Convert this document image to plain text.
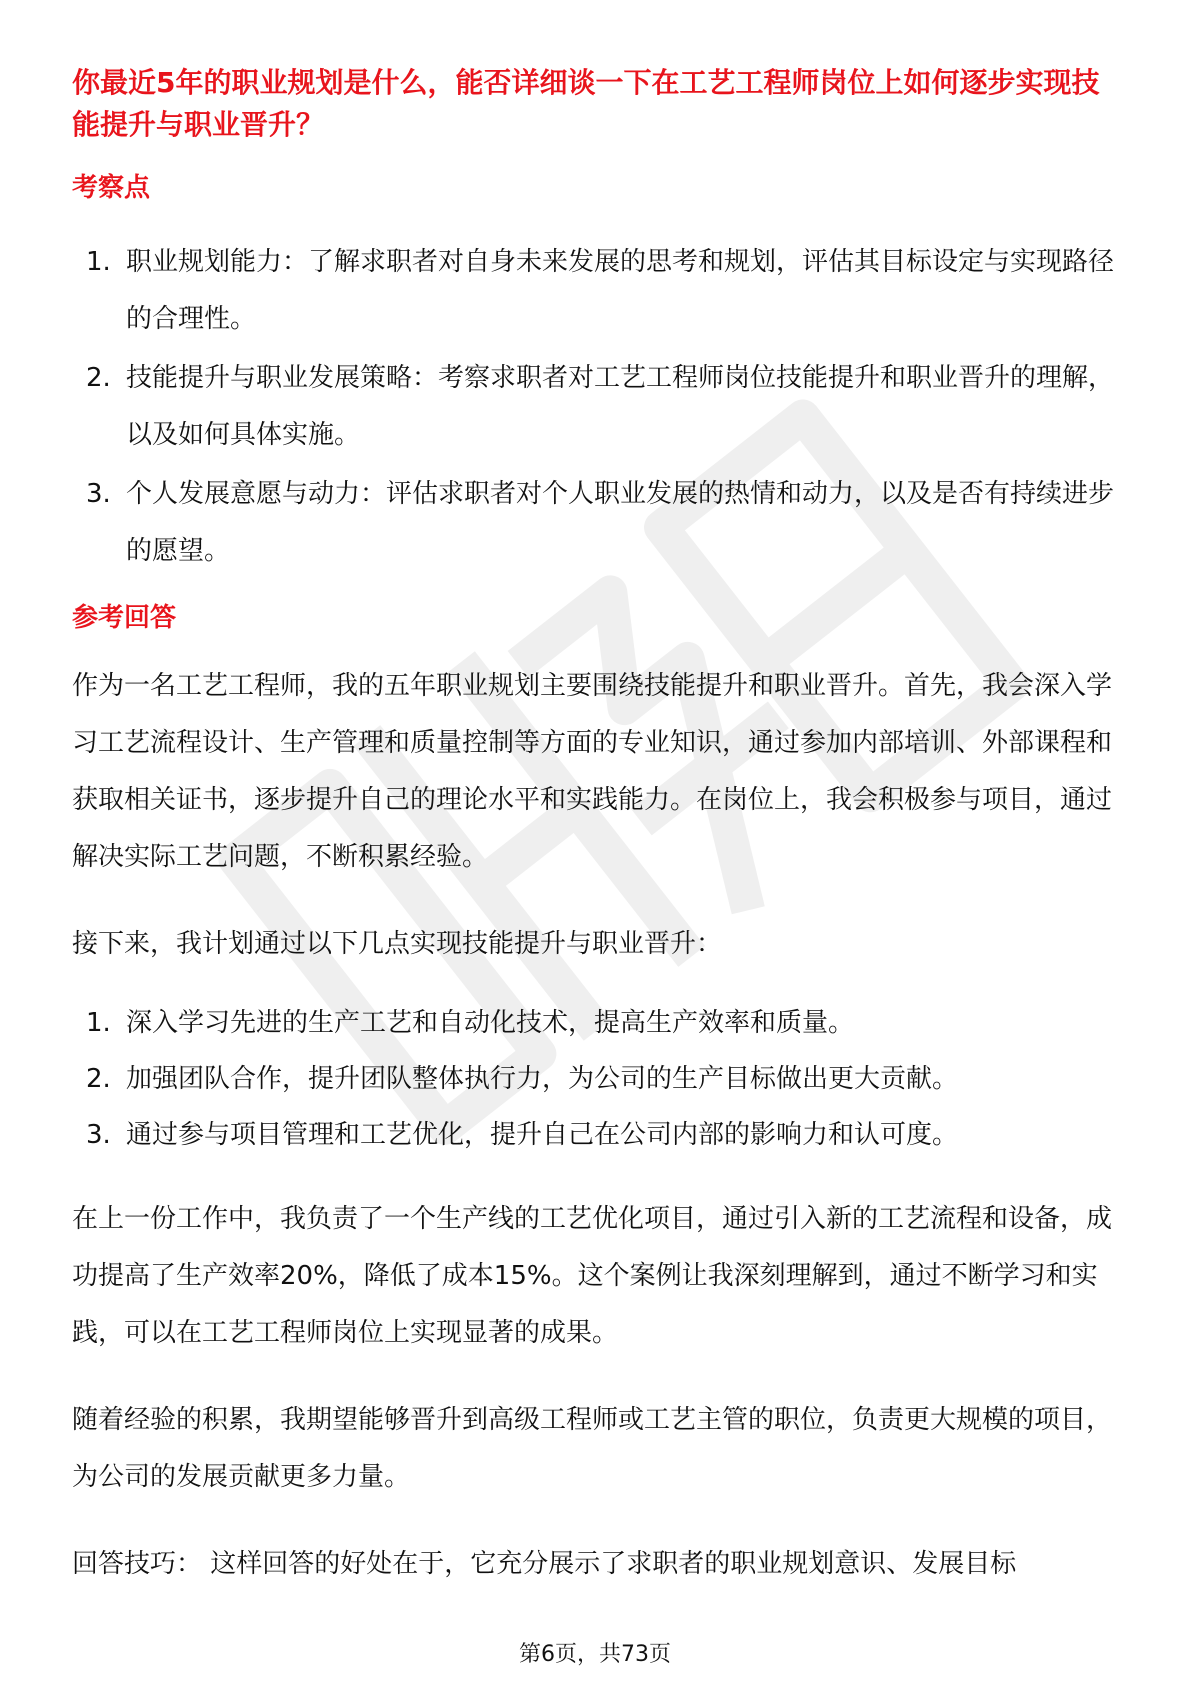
你最近5年的职业规划是什么，能否详细谈一下在工艺工程师岗位上如何逐步实现技能提升与职业晋升？

考察点
1. 职业规划能力：了解求职者对自身未来发展的思考和规划，评估其目标设定与实现路径的合理性。
2. 技能提升与职业发展策略：考察求职者对工艺工程师岗位技能提升和职业晋升的理解，以及如何具体实施。
3. 个人发展意愿与动力：评估求职者对个人职业发展的热情和动力，以及是否有持续进步的愿望。
参考回答

作为一名工艺工程师，我的五年职业规划主要围绕技能提升和职业晋升。首先，我会深入学习工艺流程设计、生产管理和质量控制等方面的专业知识，通过参加内部培训、外部课程和获取相关证书，逐步提升自己的理论水平和实践能力。在岗位上，我会积极参与项目，通过解决实际工艺问题，不断积累经验。

接下来，我计划通过以下几点实现技能提升与职业晋升：

1. 深入学习先进的生产工艺和自动化技术，提高生产效率和质量。
2. 加强团队合作，提升团队整体执行力，为公司的生产目标做出更大贡献。
3. 通过参与项目管理和工艺优化，提升自己在公司内部的影响力和认可度。

在上一份工作中，我负责了一个生产线的工艺优化项目，通过引入新的工艺流程和设备，成功提高了生产效率20%，降低了成本15%。这个案例让我深刻理解到，通过不断学习和实践，可以在工艺工程师岗位上实现显著的成果。

随着经验的积累，我期望能够晋升到高级工程师或工艺主管的职位，负责更大规模的项目，为公司的发展贡献更多力量。

回答技巧： 这样回答的好处在于，它充分展示了求职者的职业规划意识、发展目标

第6页，共73页
